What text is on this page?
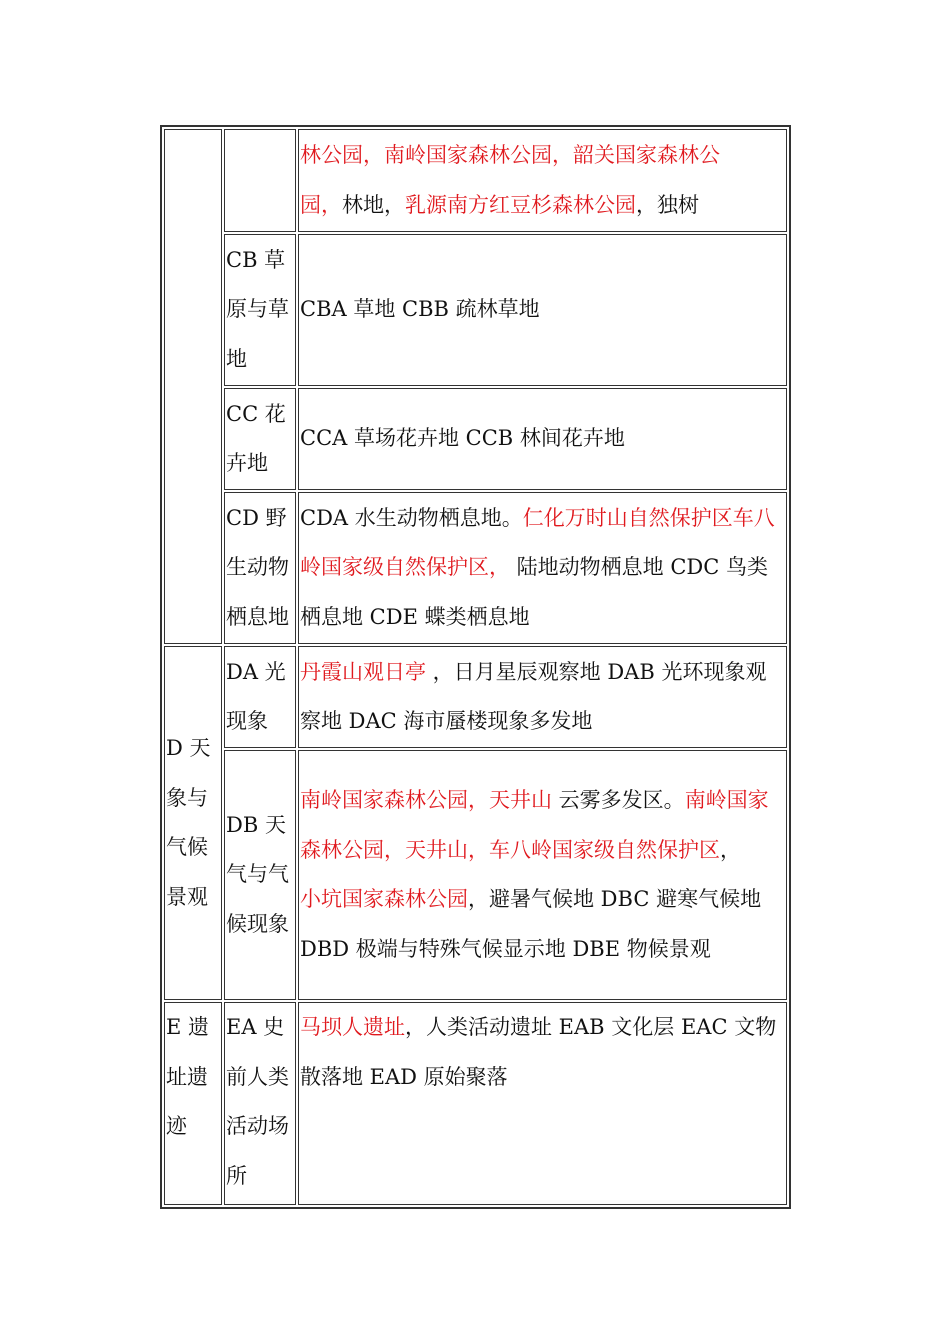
		林公园，南岭国家森林公园，韶关国家森林公
园，林地，乳源南方红豆杉森林公园，独树
	CB 草原与草地	CBA 草地 CBB 疏林草地
	CC 花卉地	CCA 草场花卉地 CCB 林间花卉地
	CD 野生动物栖息地	CDA 水生动物栖息地。仁化万时山自然保护区车八岭国家级自然保护区， 陆地动物栖息地 CDC 鸟类栖息地 CDE 蝶类栖息地
D 天象与气候景观	DA 光现象	丹霞山观日亭 ，日月星辰观察地 DAB 光环现象观察地 DAC 海市蜃楼现象多发地
	DB 天气与气候现象	南岭国家森林公园，天井山 云雾多发区。南岭国家森林公园，天井山，车八岭国家级自然保护区，
小坑国家森林公园，避暑气候地 DBC 避寒气候地 DBD 极端与特殊气候显示地 DBE 物候景观
E 遗址遗迹	EA 史前人类活动场所	马坝人遗址，人类活动遗址 EAB 文化层 EAC 文物散落地 EAD 原始聚落
